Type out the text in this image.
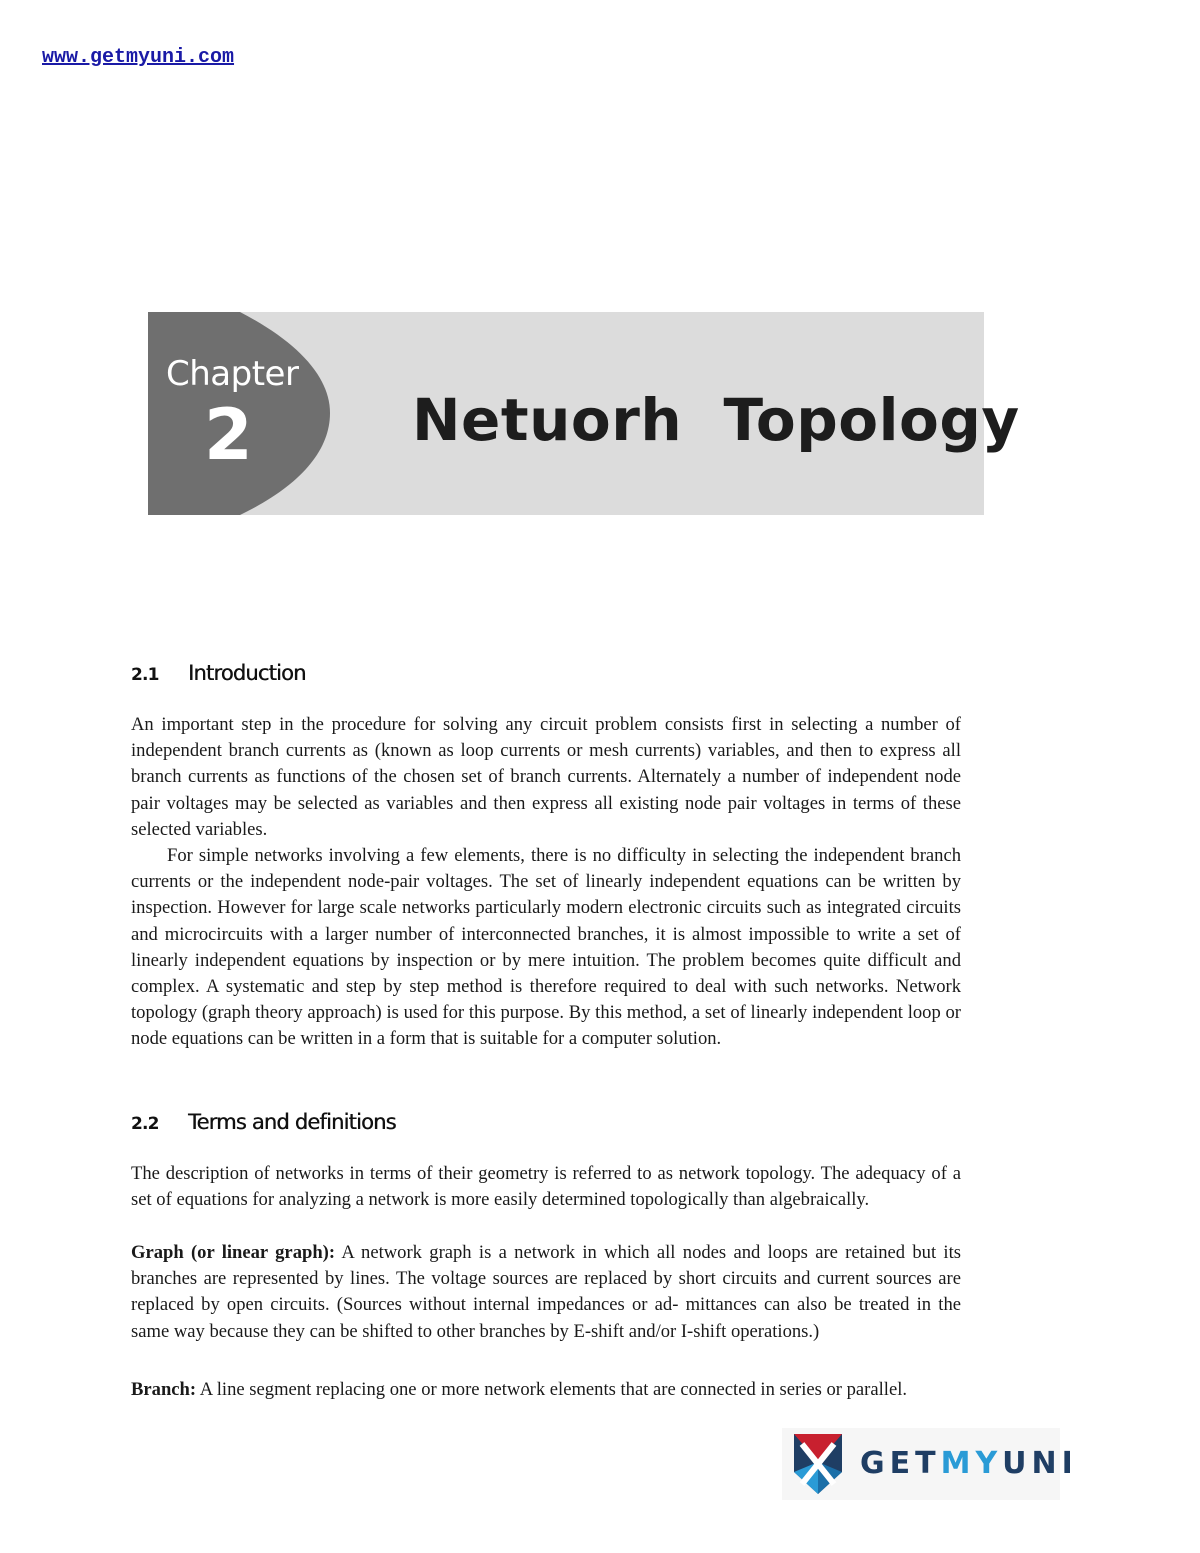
www.getmyuni.com
Chapter
2	Netuorh  Topology
2.1 Introduction

An important step in the procedure for solving any circuit problem consists first in selecting a number of independent branch currents as (known as loop currents or mesh currents) variables, and then to express all branch currents as functions of the chosen set of branch currents. Alternately a number of independent node pair voltages may be selected as variables and then express all existing node pair voltages in terms of these selected variables.

For simple networks involving a few elements, there is no difficulty in selecting the independent branch currents or the independent node-pair voltages. The set of linearly independent equations can be written by inspection. However for large scale networks particularly modern electronic circuits such as integrated circuits and microcircuits with a larger number of interconnected branches, it is almost impossible to write a set of linearly independent equations by inspection or by mere intuition. The problem becomes quite difficult and complex. A systematic and step by step method is therefore required to deal with such networks. Network topology (graph theory approach) is used for this purpose. By this method, a set of linearly independent loop or node equations can be written in a form that is suitable for a computer solution.

2.2 Terms and definitions

The description of networks in terms of their geometry is referred to as network topology. The adequacy of a set of equations for analyzing a network is more easily determined topologically than algebraically.

Graph (or linear graph): A network graph is a network in which all nodes and loops are retained but its branches are represented by lines. The voltage sources are replaced by short circuits and current sources are replaced by open circuits. (Sources without internal impedances or ad- mittances can also be treated in the same way because they can be shifted to other branches by E-shift and/or I-shift operations.)

Branch: A line segment replacing one or more network elements that are connected in series or parallel.

GETMYUNI
